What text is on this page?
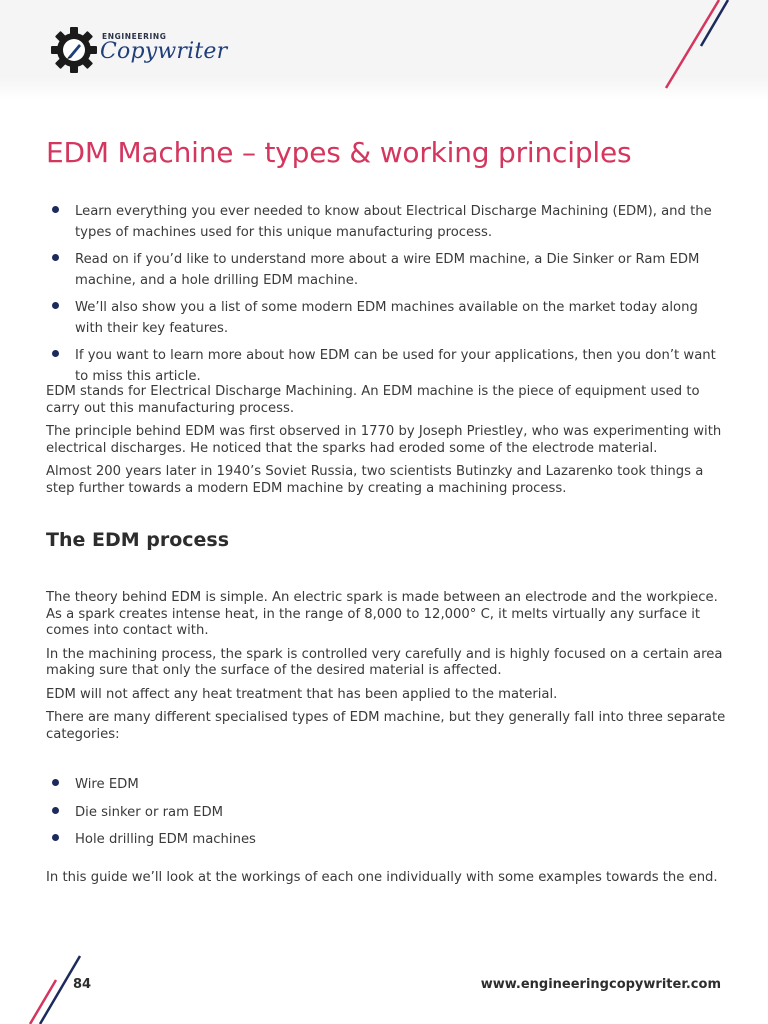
ENGINEERING
Copywriter
EDM Machine – types & working principles
Learn everything you ever needed to know about Electrical Discharge Machining (EDM), and the types of machines used for this unique manufacturing process.
Read on if you’d like to understand more about a wire EDM machine, a Die Sinker or Ram EDM machine, and a hole drilling EDM machine.
We’ll also show you a list of some modern EDM machines available on the market today along with their key features.
If you want to learn more about how EDM can be used for your applications, then you don’t want to miss this article.

EDM stands for Electrical Discharge Machining. An EDM machine is the piece of equipment used to carry out this manufacturing process.

The principle behind EDM was first observed in 1770 by Joseph Priestley, who was experimenting with electrical discharges. He noticed that the sparks had eroded some of the electrode material.

Almost 200 years later in 1940’s Soviet Russia, two scientists Butinzky and Lazarenko took things a step further towards a modern EDM machine by creating a machining process.

The EDM process

The theory behind EDM is simple. An electric spark is made between an electrode and the workpiece. As a spark creates intense heat, in the range of 8,000 to 12,000° C, it melts virtually any surface it comes into contact with.

In the machining process, the spark is controlled very carefully and is highly focused on a certain area making sure that only the surface of the desired material is affected.

EDM will not affect any heat treatment that has been applied to the material.

There are many different specialised types of EDM machine, but they generally fall into three separate categories:

Wire EDM
Die sinker or ram EDM
Hole drilling EDM machines

In this guide we’ll look at the workings of each one individually with some examples towards the end.

84	www.engineeringcopywriter.com
